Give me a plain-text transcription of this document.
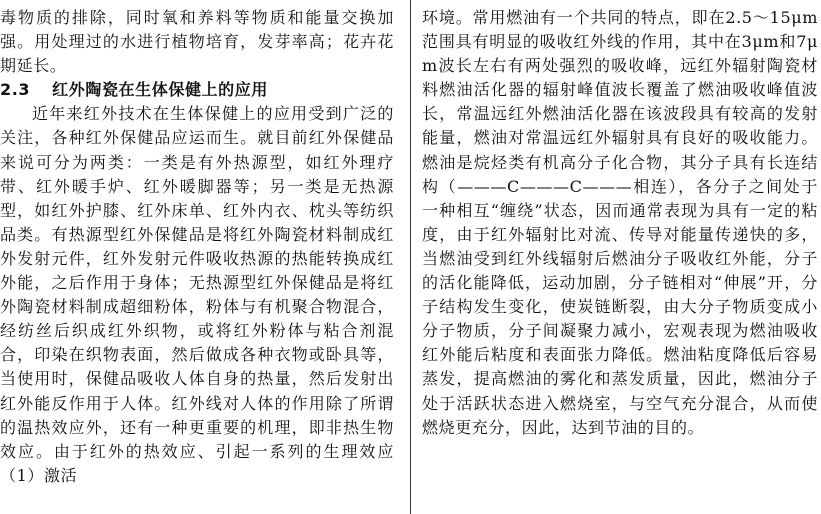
毒物质的排除，同时氧和养料等物质和能量交换加强。用处理过的水进行植物培育，发芽率高；花卉花期延长。

2.3 红外陶瓷在生体保健上的应用

近年来红外技术在生体保健上的应用受到广泛的关注，各种红外保健品应运而生。就目前红外保健品来说可分为两类：一类是有外热源型，如红外理疗带、红外暖手炉、红外暖脚器等；另一类是无热源型，如红外护膝、红外床单、红外内衣、枕头等纺织品类。有热源型红外保健品是将红外陶瓷材料制成红外发射元件，红外发射元件吸收热源的热能转换成红外能，之后作用于身体；无热源型红外保健品是将红外陶瓷材料制成超细粉体，粉体与有机聚合物混合，经纺丝后织成红外织物，或将红外粉体与粘合剂混合，印染在织物表面，然后做成各种衣物或卧具等，当使用时，保健品吸收人体自身的热量，然后发射出红外能反作用于人体。红外线对人体的作用除了所谓的温热效应外，还有一种更重要的机理，即非热生物效应。由于红外的热效应、引起一系列的生理效应（1）激活

环境。常用燃油有一个共同的特点，即在2.5～15μm范围具有明显的吸收红外线的作用，其中在3μm和7μm波长左右有两处强烈的吸收峰，远红外辐射陶瓷材料燃油活化器的辐射峰值波长覆盖了燃油吸收峰值波长，常温远红外燃油活化器在该波段具有较高的发射能量，燃油对常温远红外辐射具有良好的吸收能力。燃油是烷烃类有机高分子化合物，其分子具有长连结构（———C———C———相连），各分子之间处于一种相互“缠绕”状态，因而通常表现为具有一定的粘度，由于红外辐射比对流、传导对能量传递快的多，当燃油受到红外线辐射后燃油分子吸收红外能，分子的活化能降低，运动加剧，分子链相对“伸展”开，分子结构发生变化，使炭链断裂，由大分子物质变成小分子物质，分子间凝聚力减小，宏观表现为燃油吸收红外能后粘度和表面张力降低。燃油粘度降低后容易蒸发，提高燃油的雾化和蒸发质量，因此，燃油分子处于活跃状态进入燃烧室，与空气充分混合，从而使燃烧更充分，因此，达到节油的目的。
